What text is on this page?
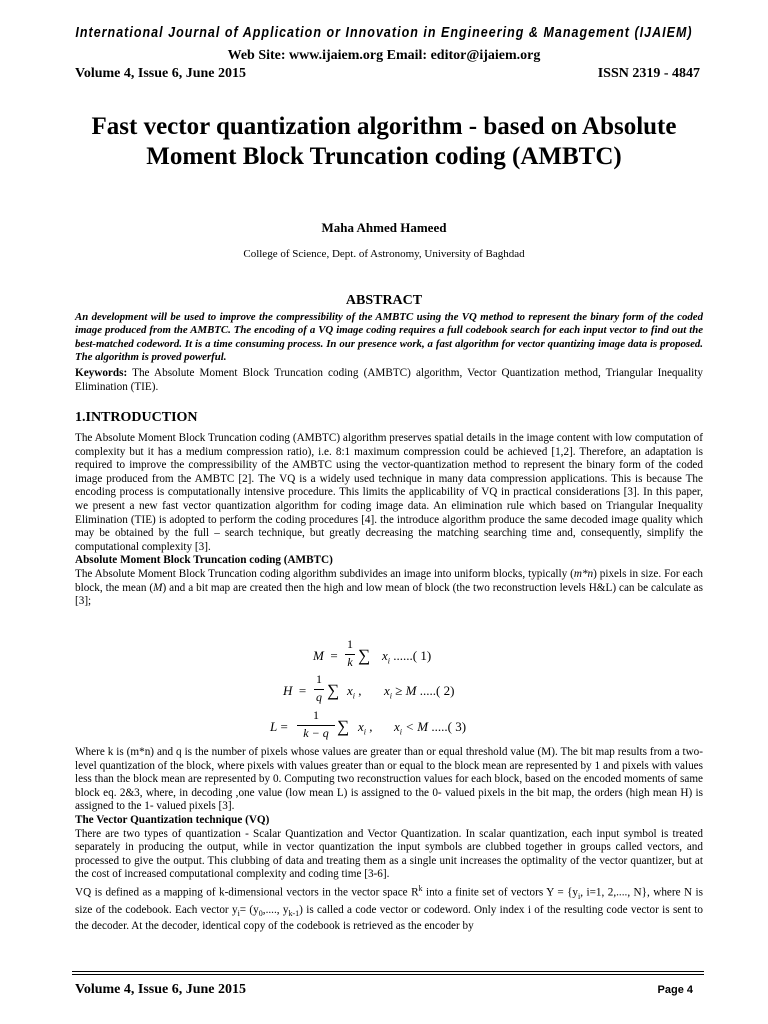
International Journal of Application or Innovation in Engineering & Management (IJAIEM)
Web Site: www.ijaiem.org Email: editor@ijaiem.org
Volume 4, Issue 6, June 2015	ISSN 2319 - 4847
Fast vector quantization algorithm - based on Absolute Moment Block Truncation coding (AMBTC)
Maha Ahmed Hameed
College of Science, Dept. of Astronomy, University of Baghdad
ABSTRACT
An development will be used to improve the compressibility of the AMBTC using the VQ method to represent the binary form of the coded image produced from the AMBTC. The encoding of a VQ image coding requires a full codebook search for each input vector to find out the best-matched codeword. It is a time consuming process. In our presence work, a fast algorithm for vector quantizing image data is proposed. The algorithm is proved powerful.
Keywords: The Absolute Moment Block Truncation coding (AMBTC) algorithm, Vector Quantization method, Triangular Inequality Elimination (TIE).
1.INTRODUCTION
The Absolute Moment Block Truncation coding (AMBTC) algorithm preserves spatial details in the image content with low computation of complexity but it has a medium compression ratio), i.e. 8:1 maximum compression could be achieved [1,2]. Therefore, an adaptation is required to improve the compressibility of the AMBTC using the vector-quantization method to represent the binary form of the coded image produced from the AMBTC [2]. The VQ is a widely used technique in many data compression applications. This is because The encoding process is computationally intensive procedure. This limits the applicability of VQ in practical considerations [3]. In this paper, we present a new fast vector quantization algorithm for coding image data. An elimination rule which based on Triangular Inequality Elimination (TIE) is adopted to perform the coding procedures [4]. the introduce algorithm produce the same decoded image quality which may be obtained by the full – search technique, but greatly decreasing the matching searching time and, consequently, simplify the computational complexity [3].
Absolute Moment Block Truncation coding (AMBTC)
The Absolute Moment Block Truncation coding algorithm subdivides an image into uniform blocks, typically (m*n) pixels in size. For each block, the mean (M) and a bit map are created then the high and low mean of block (the two reconstruction levels H&L) can be calculate as [3];
M =
1
k ∑ $x_i$ ......( 1)
H =
1
q ∑ $x_i$ , $x_i \ge M$ .....( 2)
L =
1
k − q ∑ $x_i$ , $x_i < M$ .....( 3)
Where k is (m*n) and q is the number of pixels whose values are greater than or equal threshold value (M). The bit map results from a two- level quantization of the block, where pixels with values greater than or equal to the block mean are represented by 1 and pixels with values less than the block mean are represented by 0. Computing two reconstruction values for each block, based on the encoded moments of same block eq. 2&3, where, in decoding ,one value (low mean L) is assigned to the 0- valued pixels in the bit map, the orders (high mean H) is assigned to the 1- valued pixels [3].
The Vector Quantization technique (VQ)
There are two types of quantization - Scalar Quantization and Vector Quantization. In scalar quantization, each input symbol is treated separately in producing the output, while in vector quantization the input symbols are clubbed together in groups called vectors, and processed to give the output. This clubbing of data and treating them as a single unit increases the optimality of the vector quantizer, but at the cost of increased computational complexity and coding time [3-6].
VQ is defined as a mapping of k-dimensional vectors in the vector space $R^k$ into a finite set of vectors $Y = \{y_i$, i=1, 2,...., N}, where N is size of the codebook. Each vector $y_i= (y_0$,...., $y_{k-1}$) is called a code vector or codeword. Only index i of the resulting code vector is sent to the decoder. At the decoder, identical copy of the codebook is retrieved as the encoder by
Volume 4, Issue 6, June 2015	Page 4
